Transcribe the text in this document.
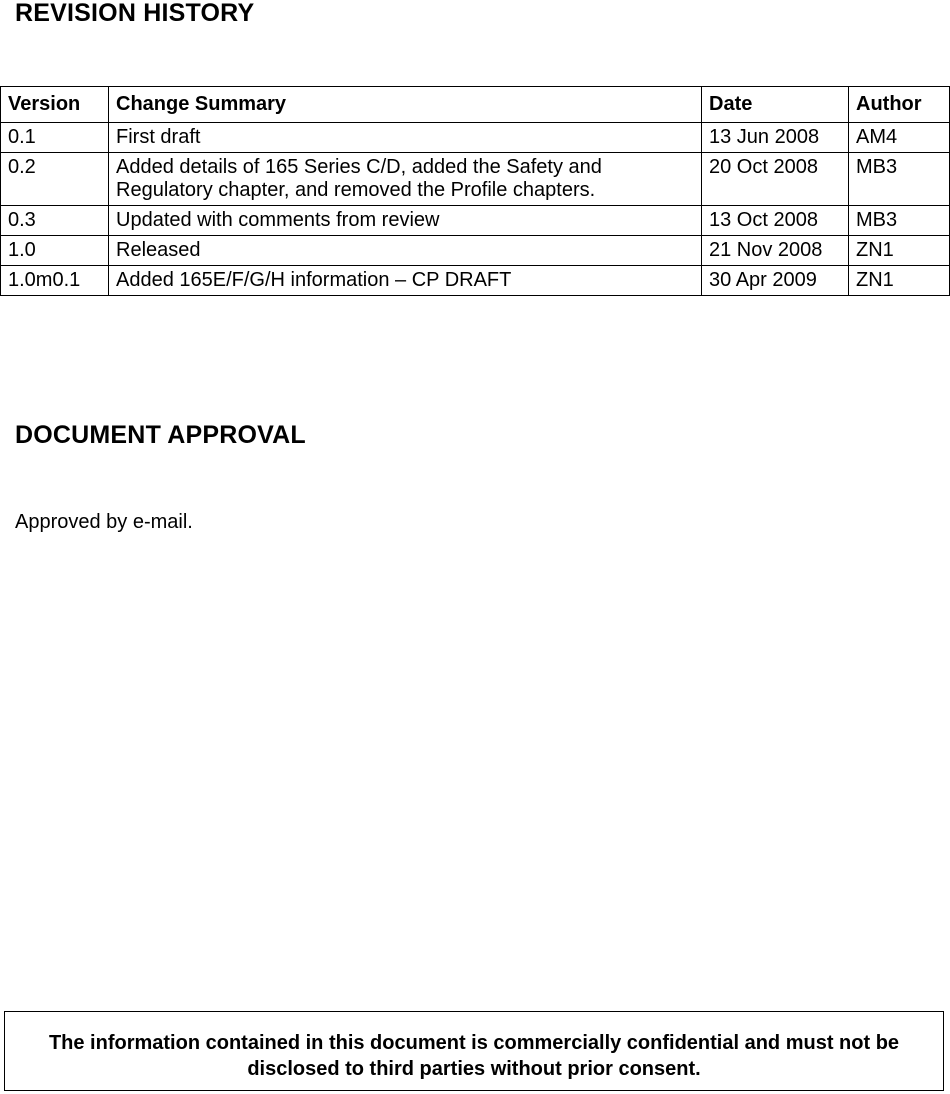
REVISION HISTORY
Version	Change Summary	Date	Author
0.1	First draft	13 Jun 2008	AM4
0.2	Added details of 165 Series C/D, added the Safety and Regulatory chapter, and removed the Profile chapters.	20 Oct 2008	MB3
0.3	Updated with comments from review	13 Oct 2008	MB3
1.0	Released	21 Nov 2008	ZN1
1.0m0.1	Added 165E/F/G/H information – CP DRAFT	30 Apr 2009	ZN1
DOCUMENT APPROVAL

Approved by e-mail.

The information contained in this document is commercially confidential and must not be disclosed to third parties without prior consent.
